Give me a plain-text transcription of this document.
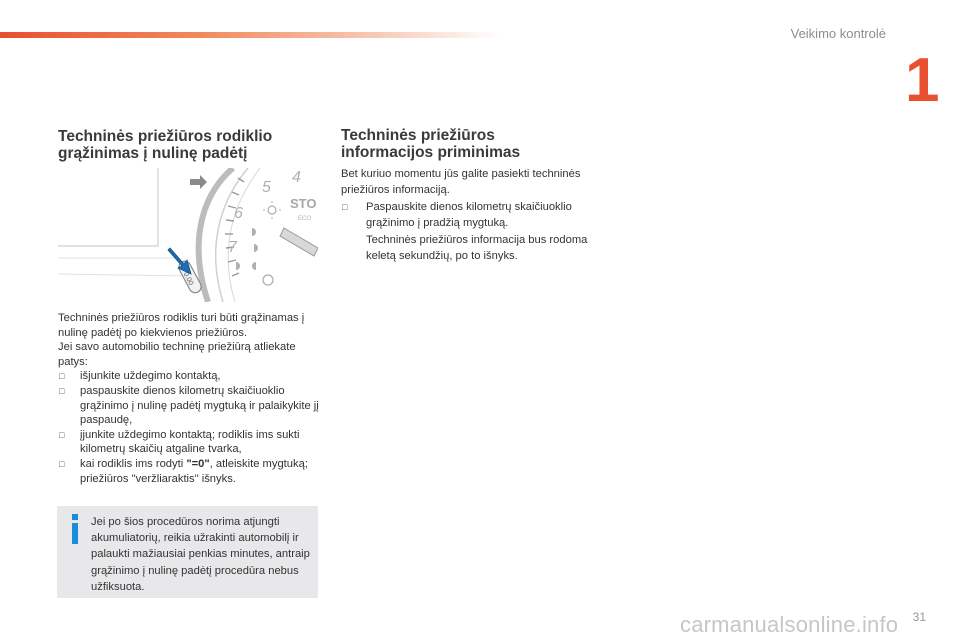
Veikimo kontrolė
1
Techninės priežiūros rodiklio
grąžinimas į nulinę padėtį
5
6
7
4
STO
ECO
0.00

Techninės priežiūros rodiklis turi būti grąžinamas į nulinę padėtį po kiekvienos priežiūros.

Jei savo automobilio techninę priežiūrą atliekate patys:

□ išjunkite uždegimo kontaktą,

□ paspauskite dienos kilometrų skaičiuoklio grąžinimo į nulinę padėtį mygtuką ir palaikykite jį paspaudę,

□ įjunkite uždegimo kontaktą; rodiklis ims sukti kilometrų skaičių atgaline tvarka,

□ kai rodiklis ims rodyti "=0", atleiskite mygtuką; priežiūros "veržliaraktis" išnyks.

Jei po šios procedūros norima atjungti akumuliatorių, reikia užrakinti automobilį ir palaukti mažiausiai penkias minutes, antraip grąžinimo į nulinę padėtį procedūra nebus užfiksuota.
Techninės priežiūros
informacijos priminimas

Bet kuriuo momentu jūs galite pasiekti techninės priežiūros informaciją.

□ Paspauskite dienos kilometrų skaičiuoklio grąžinimo į pradžią mygtuką.

Techninės priežiūros informacija bus rodoma keletą sekundžių, po to išnyks.

31
carmanualsonline.info
